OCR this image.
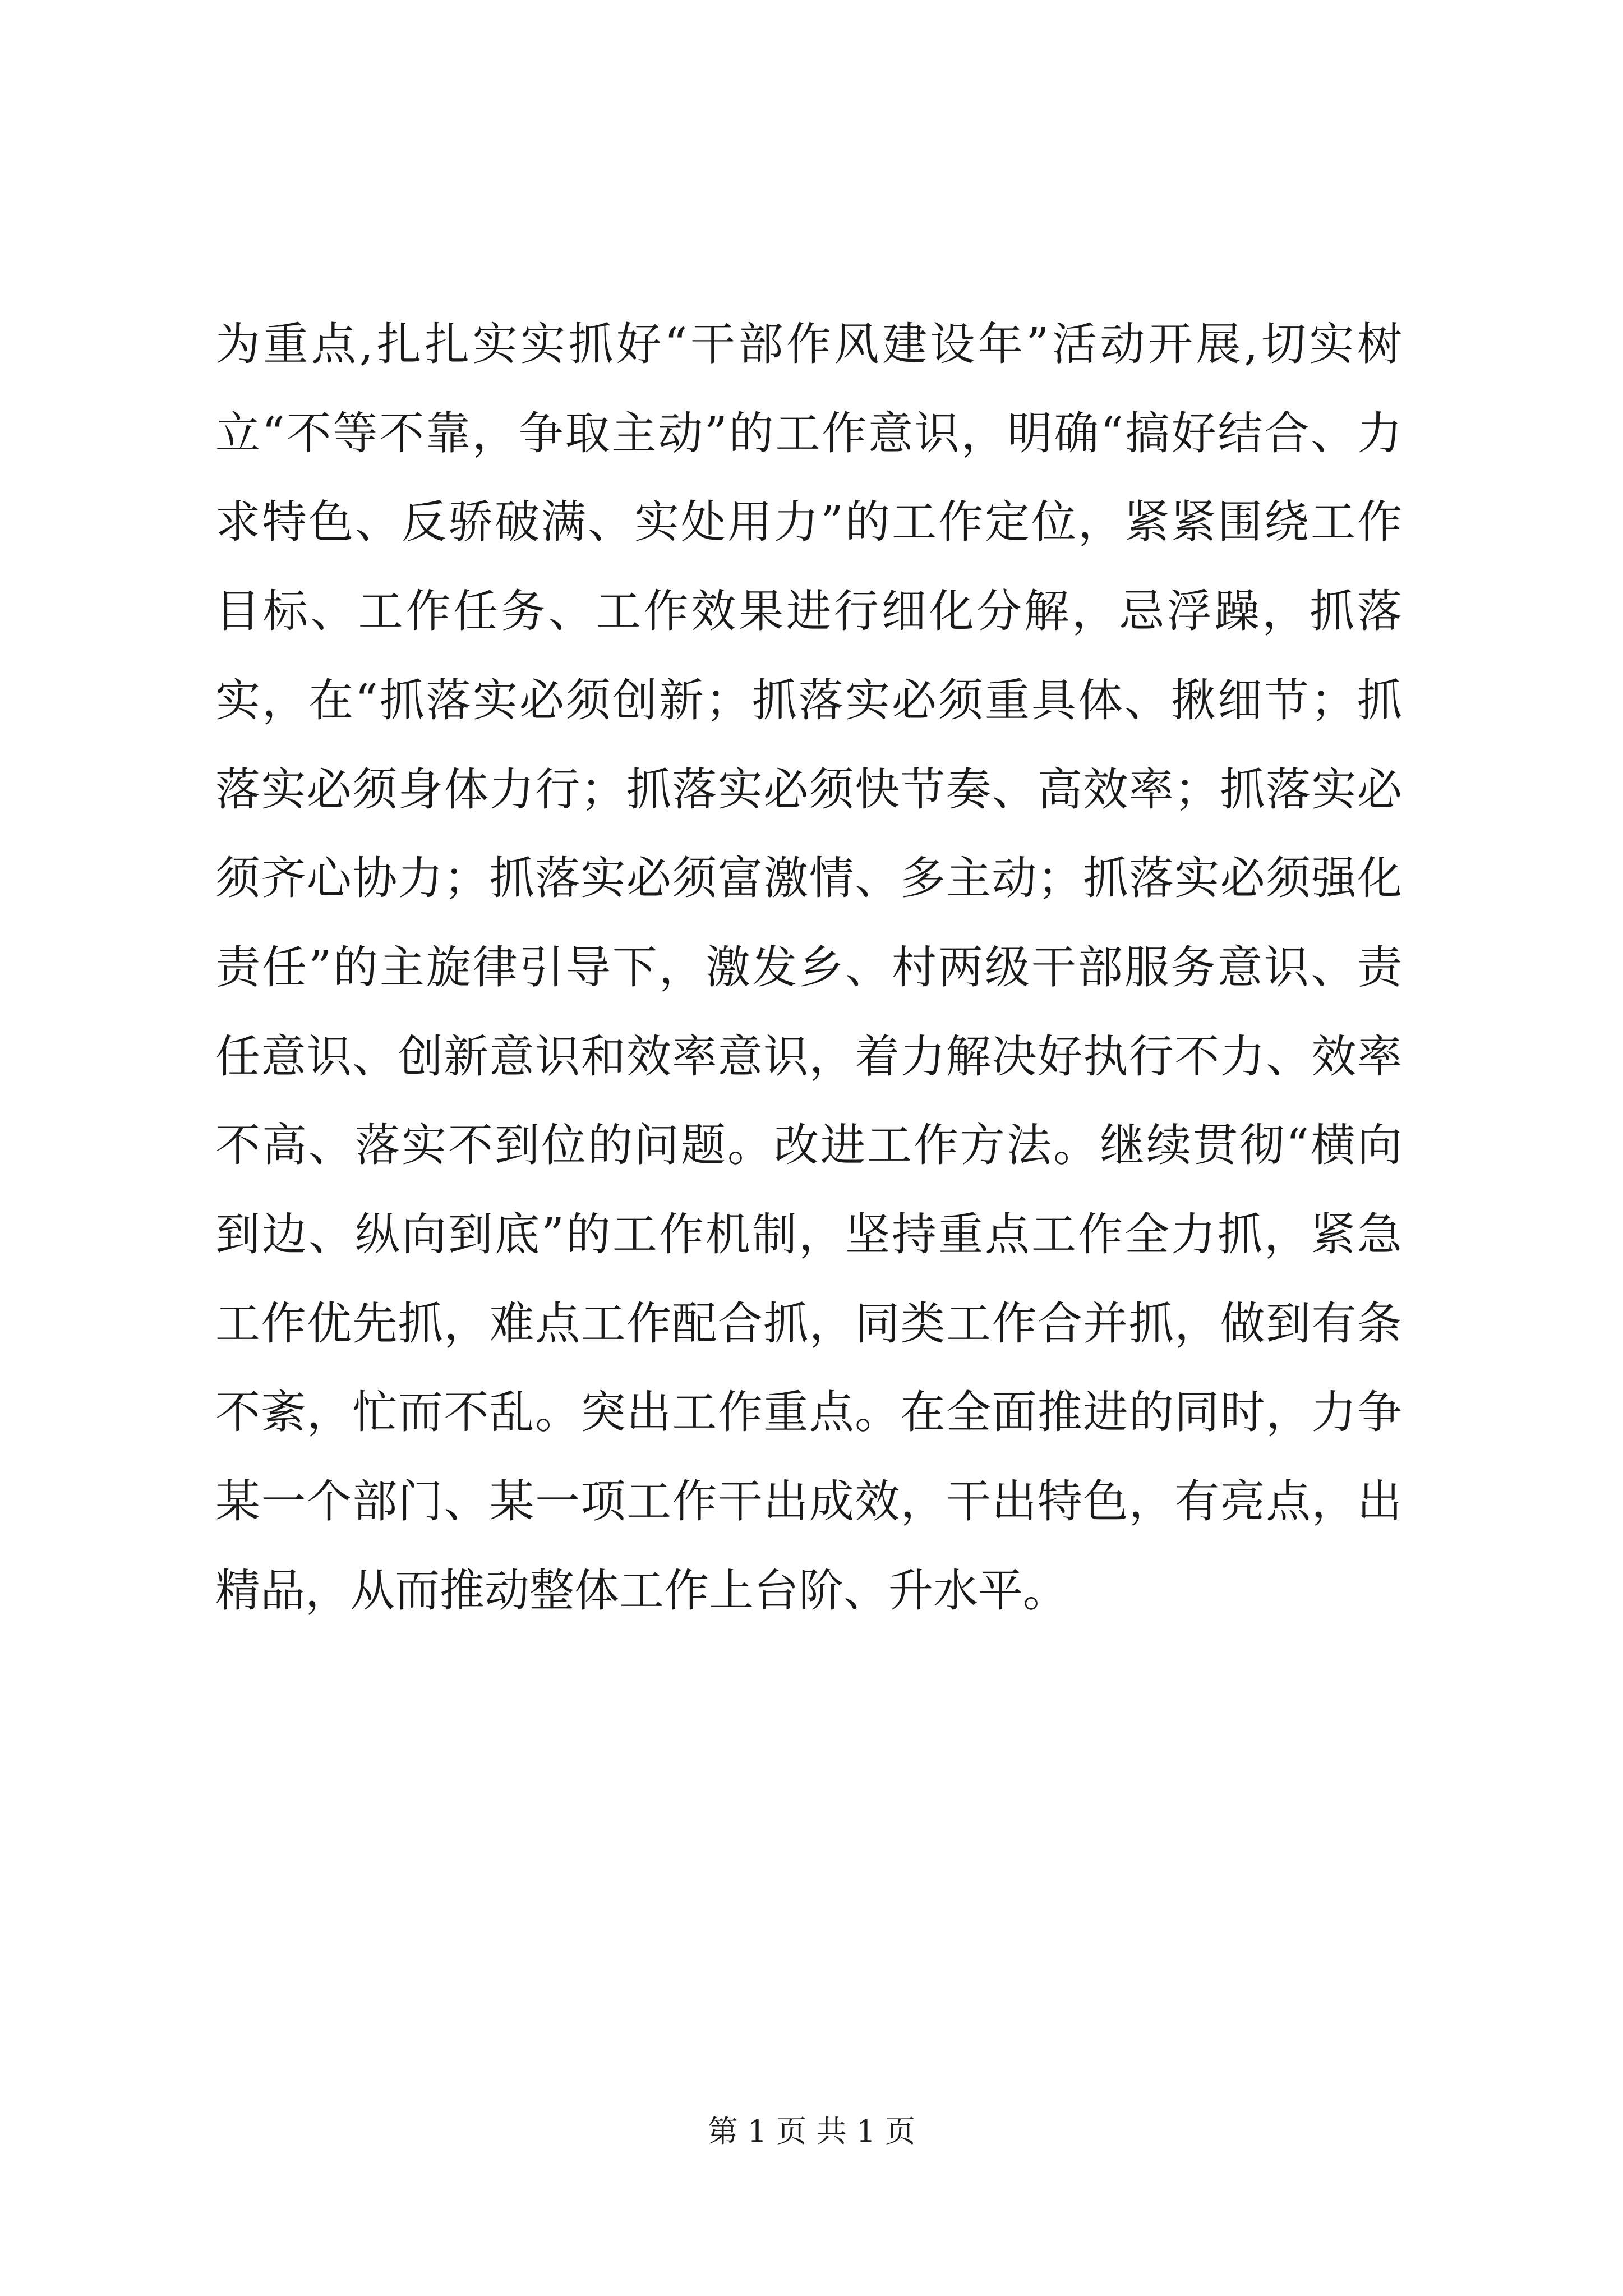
为重点,扎扎实实抓好“干部作风建设年”活动开展,切实树立“不等不靠，争取主动”的工作意识，明确“搞好结合、力求特色、反骄破满、实处用力”的工作定位，紧紧围绕工作目标、工作任务、工作效果进行细化分解，忌浮躁，抓落实，在“抓落实必须创新；抓落实必须重具体、揪细节；抓落实必须身体力行；抓落实必须快节奏、高效率；抓落实必须齐心协力；抓落实必须富激情、多主动；抓落实必须强化责任”的主旋律引导下，激发乡、村两级干部服务意识、责任意识、创新意识和效率意识，着力解决好执行不力、效率不高、落实不到位的问题。改进工作方法。继续贯彻“横向到边、纵向到底”的工作机制，坚持重点工作全力抓，紧急工作优先抓，难点工作配合抓，同类工作合并抓，做到有条不紊，忙而不乱。突出工作重点。在全面推进的同时，力争某一个部门、某一项工作干出成效，干出特色，有亮点，出精品，从而推动整体工作上台阶、升水平。

第 1 页 共 1 页
